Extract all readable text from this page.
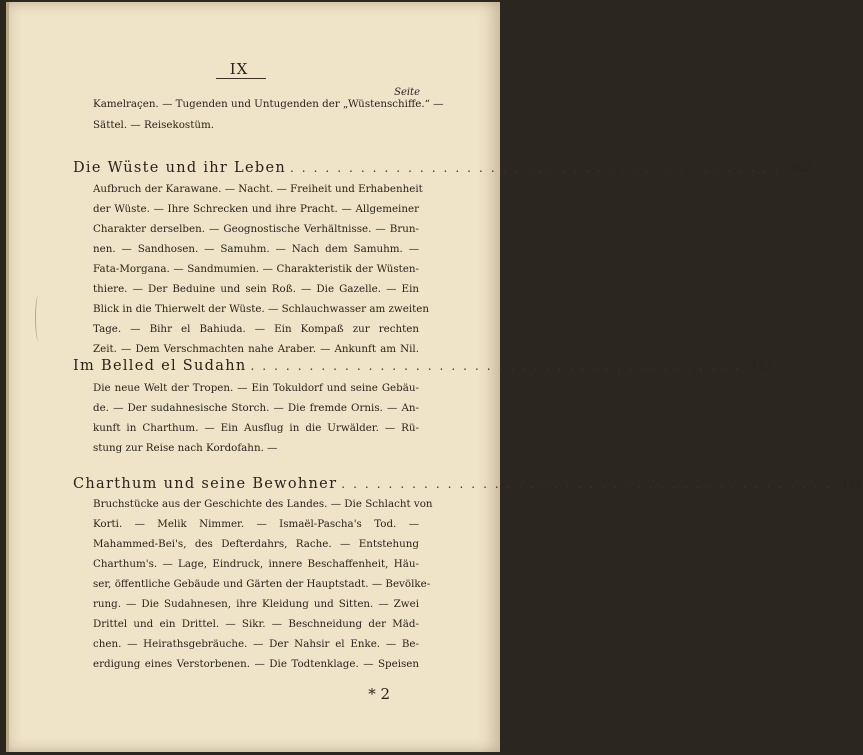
IX
Seite
Kamelraçen. — Tugenden und Untugenden der „Wüstenschiffe.“ —
Sättel. — Reisekostüm.
Die Wüste und ihr Leben .......................................... 102
Aufbruch der Karawane. — Nacht. — Freiheit und Erhabenheit
der Wüste. — Ihre Schrecken und ihre Pracht. — Allgemeiner
Charakter derselben. — Geognostische Verhältnisse. — Brun-
nen. — Sandhosen. — Samuhm. — Nach dem Samuhm. —
Fata-Morgana. — Sandmumien. — Charakteristik der Wüsten-
thiere. — Der Beduine und sein Roß. — Die Gazelle. — Ein
Blick in die Thierwelt der Wüste. — Schlauchwasser am zweiten
Tage. — Bihr el Bahiuda. — Ein Kompaß zur rechten
Zeit. — Dem Verschmachten nahe Araber. — Ankunft am Nil.
Im Belled el Sudahn .......................................... 127
Die neue Welt der Tropen. — Ein Tokuldorf und seine Gebäu-
de. — Der sudahnesische Storch. — Die fremde Ornis. — An-
kunft in Charthum. — Ein Ausflug in die Urwälder. — Rü-
stung zur Reise nach Kordofahn. —
Charthum und seine Bewohner .......................................... 139
Bruchstücke aus der Geschichte des Landes. — Die Schlacht von
Korti. — Melik Nimmer. — Ismaël-Pascha's Tod. —
Mahammed-Bei's, des Defterdahrs, Rache. — Entstehung
Charthum's. — Lage, Eindruck, innere Beschaffenheit, Häu-
ser, öffentliche Gebäude und Gärten der Hauptstadt. — Bevölke-
rung. — Die Sudahnesen, ihre Kleidung und Sitten. — Zwei
Drittel und ein Drittel. — Sikr. — Beschneidung der Mäd-
chen. — Heirathsgebräuche. — Der Nahsir el Enke. — Be-
erdigung eines Verstorbenen. — Die Todtenklage. — Speisen
* 2
